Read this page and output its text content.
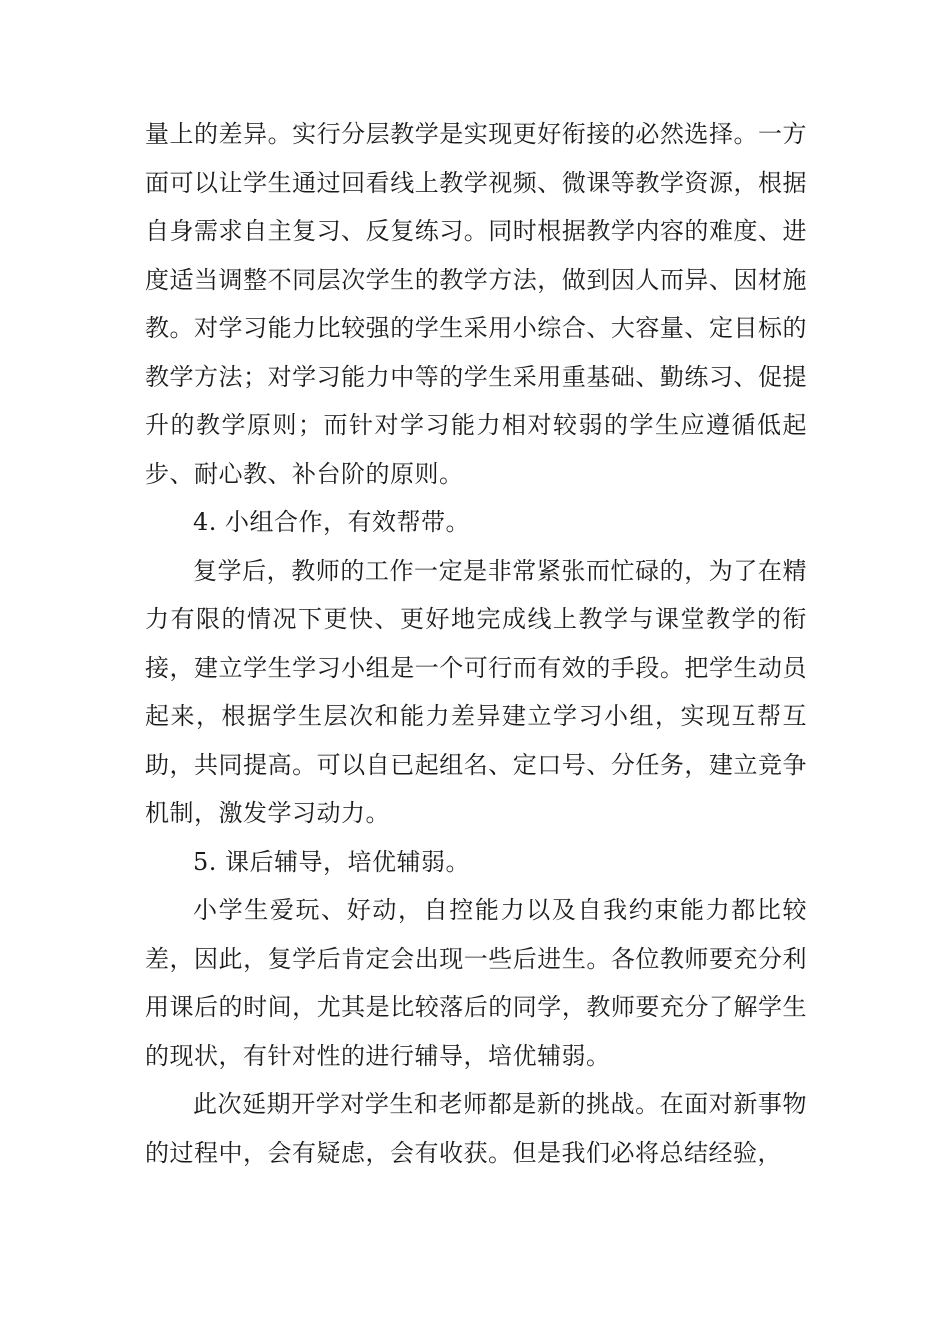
量上的差异。实行分层教学是实现更好衔接的必然选择。一方面可以让学生通过回看线上教学视频、微课等教学资源，根据自身需求自主复习、反复练习。同时根据教学内容的难度、进度适当调整不同层次学生的教学方法，做到因人而异、因材施教。对学习能力比较强的学生采用小综合、大容量、定目标的教学方法；对学习能力中等的学生采用重基础、勤练习、促提升的教学原则；而针对学习能力相对较弱的学生应遵循低起步、耐心教、补台阶的原则。

4. 小组合作，有效帮带。

复学后，教师的工作一定是非常紧张而忙碌的，为了在精力有限的情况下更快、更好地完成线上教学与课堂教学的衔接，建立学生学习小组是一个可行而有效的手段。把学生动员起来，根据学生层次和能力差异建立学习小组，实现互帮互助，共同提高。可以自已起组名、定口号、分任务，建立竞争机制，激发学习动力。

5. 课后辅导，培优辅弱。

小学生爱玩、好动，自控能力以及自我约束能力都比较差，因此，复学后肯定会出现一些后进生。各位教师要充分利用课后的时间，尤其是比较落后的同学，教师要充分了解学生的现状，有针对性的进行辅导，培优辅弱。

此次延期开学对学生和老师都是新的挑战。在面对新事物的过程中，会有疑虑，会有收获。但是我们必将总结经验，
